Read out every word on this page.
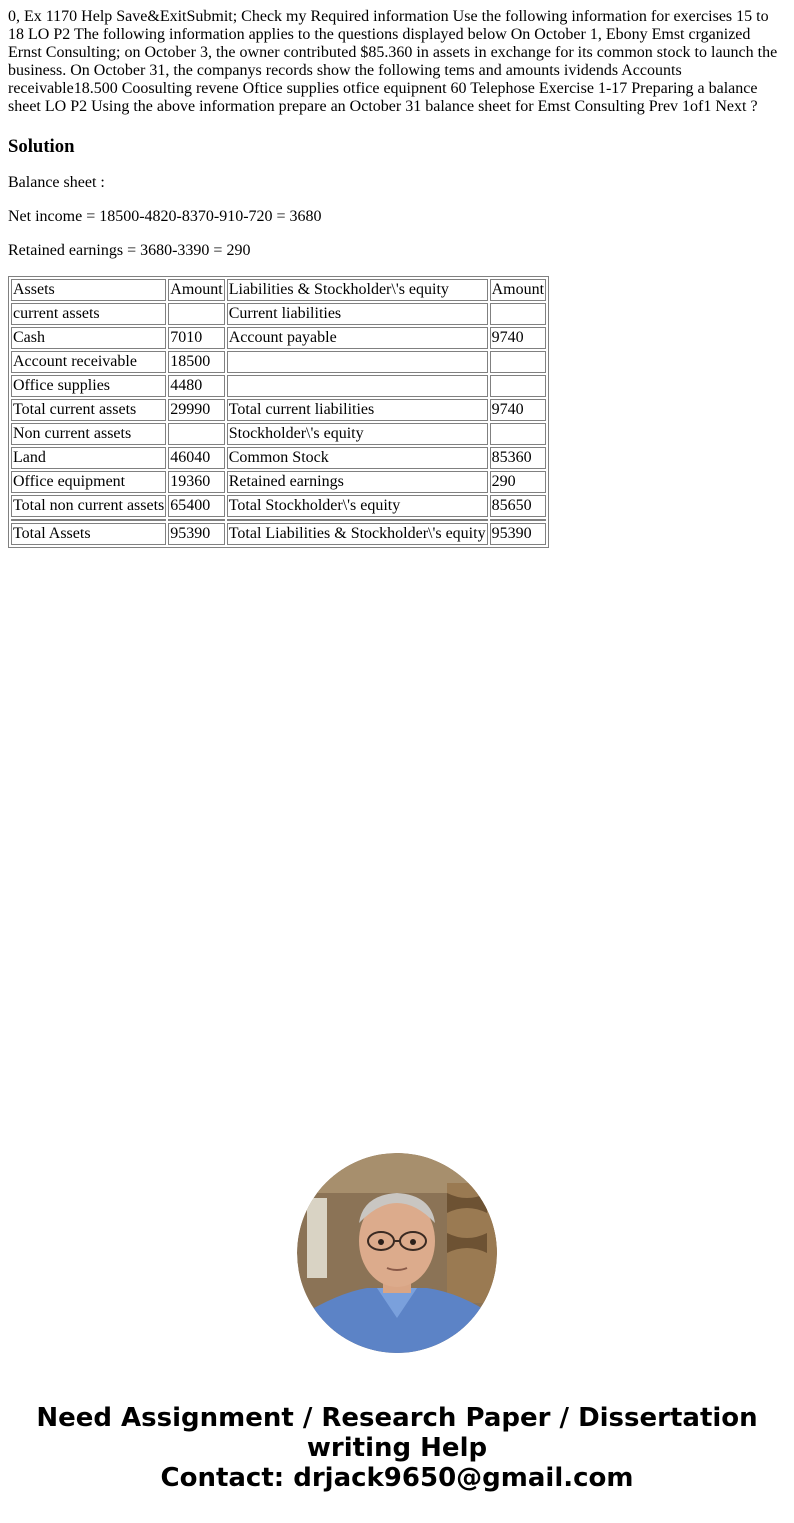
0, Ex 1170 Help Save&ExitSubmit; Check my Required information Use the following information for exercises 15 to 18 LO P2 The following information applies to the questions displayed below On October 1, Ebony Emst crganized Ernst Consulting; on October 3, the owner contributed $85.360 in assets in exchange for its common stock to launch the business. On October 31, the companys records show the following tems and amounts ividends Accounts receivable18.500 Coosulting revene Oftice supplies otfice equipnent 60 Telephose Exercise 1-17 Preparing a balance sheet LO P2 Using the above information prepare an October 31 balance sheet for Emst Consulting Prev 1of1 Next ?
Solution

Balance sheet :

Net income = 18500-4820-8370-910-720 = 3680

Retained earnings = 3680-3390 = 290

Assets	Amount	Liabilities & Stockholder\'s equity	Amount
current assets		Current liabilities	
Cash	7010	Account payable	9740
Account receivable	18500		
Office supplies	4480		
Total current assets	29990	Total current liabilities	9740
Non current assets		Stockholder\'s equity	
Land	46040	Common Stock	85360
Office equipment	19360	Retained earnings	290
Total non current assets	65400	Total Stockholder\'s equity	85650

Total Assets	95390	Total Liabilities & Stockholder\'s equity	95390
Need Assignment / Research Paper / Dissertation
writing Help
Contact: drjack9650@gmail.com
